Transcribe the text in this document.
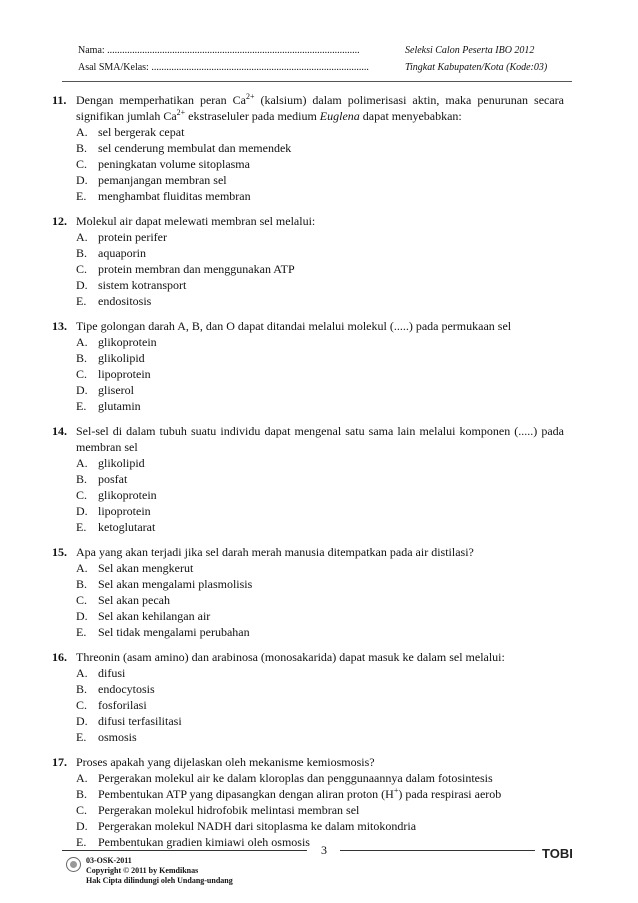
Nama: .....................................................................................................	Seleksi Calon Peserta IBO 2012
Asal SMA/Kelas: .......................................................................................	Tingkat Kabupaten/Kota (Kode:03)
11. Dengan memperhatikan peran $Ca^{2+}$ (kalsium) dalam polimerisasi aktin, maka penurunan secara signifikan jumlah $Ca^{2+}$ ekstraseluler pada medium Euglena dapat menyebabkan:
A. sel bergerak cepat
B. sel cenderung membulat dan memendek
C. peningkatan volume sitoplasma
D. pemanjangan membran sel
E. menghambat fluiditas membran
12. Molekul air dapat melewati membran sel melalui:
A. protein perifer
B. aquaporin
C. protein membran dan menggunakan ATP
D. sistem kotransport
E. endositosis
13. Tipe golongan darah A, B, dan O dapat ditandai melalui molekul (.....) pada permukaan sel
A. glikoprotein
B. glikolipid
C. lipoprotein
D. gliserol
E. glutamin
14. Sel-sel di dalam tubuh suatu individu dapat mengenal satu sama lain melalui komponen (.....) pada membran sel
A. glikolipid
B. posfat
C. glikoprotein
D. lipoprotein
E. ketoglutarat
15. Apa yang akan terjadi jika sel darah merah manusia ditempatkan pada air distilasi?
A. Sel akan mengkerut
B. Sel akan mengalami plasmolisis
C. Sel akan pecah
D. Sel akan kehilangan air
E. Sel tidak mengalami perubahan
16. Threonin (asam amino) dan arabinosa (monosakarida) dapat masuk ke dalam sel melalui:
A. difusi
B. endocytosis
C. fosforilasi
D. difusi terfasilitasi
E. osmosis
17. Proses apakah yang dijelaskan oleh mekanisme kemiosmosis?
A. Pergerakan molekul air ke dalam kloroplas dan penggunaannya dalam fotosintesis
B. Pembentukan ATP yang dipasangkan dengan aliran proton (H+) pada respirasi aerob
C. Pergerakan molekul hidrofobik melintasi membran sel
D. Pergerakan molekul NADH dari sitoplasma ke dalam mitokondria
E. Pembentukan gradien kimiawi oleh osmosis
3
03-OSK-2011
Copyright © 2011 by Kemdiknas
Hak Cipta dilindungi oleh Undang-undang
TOBI
